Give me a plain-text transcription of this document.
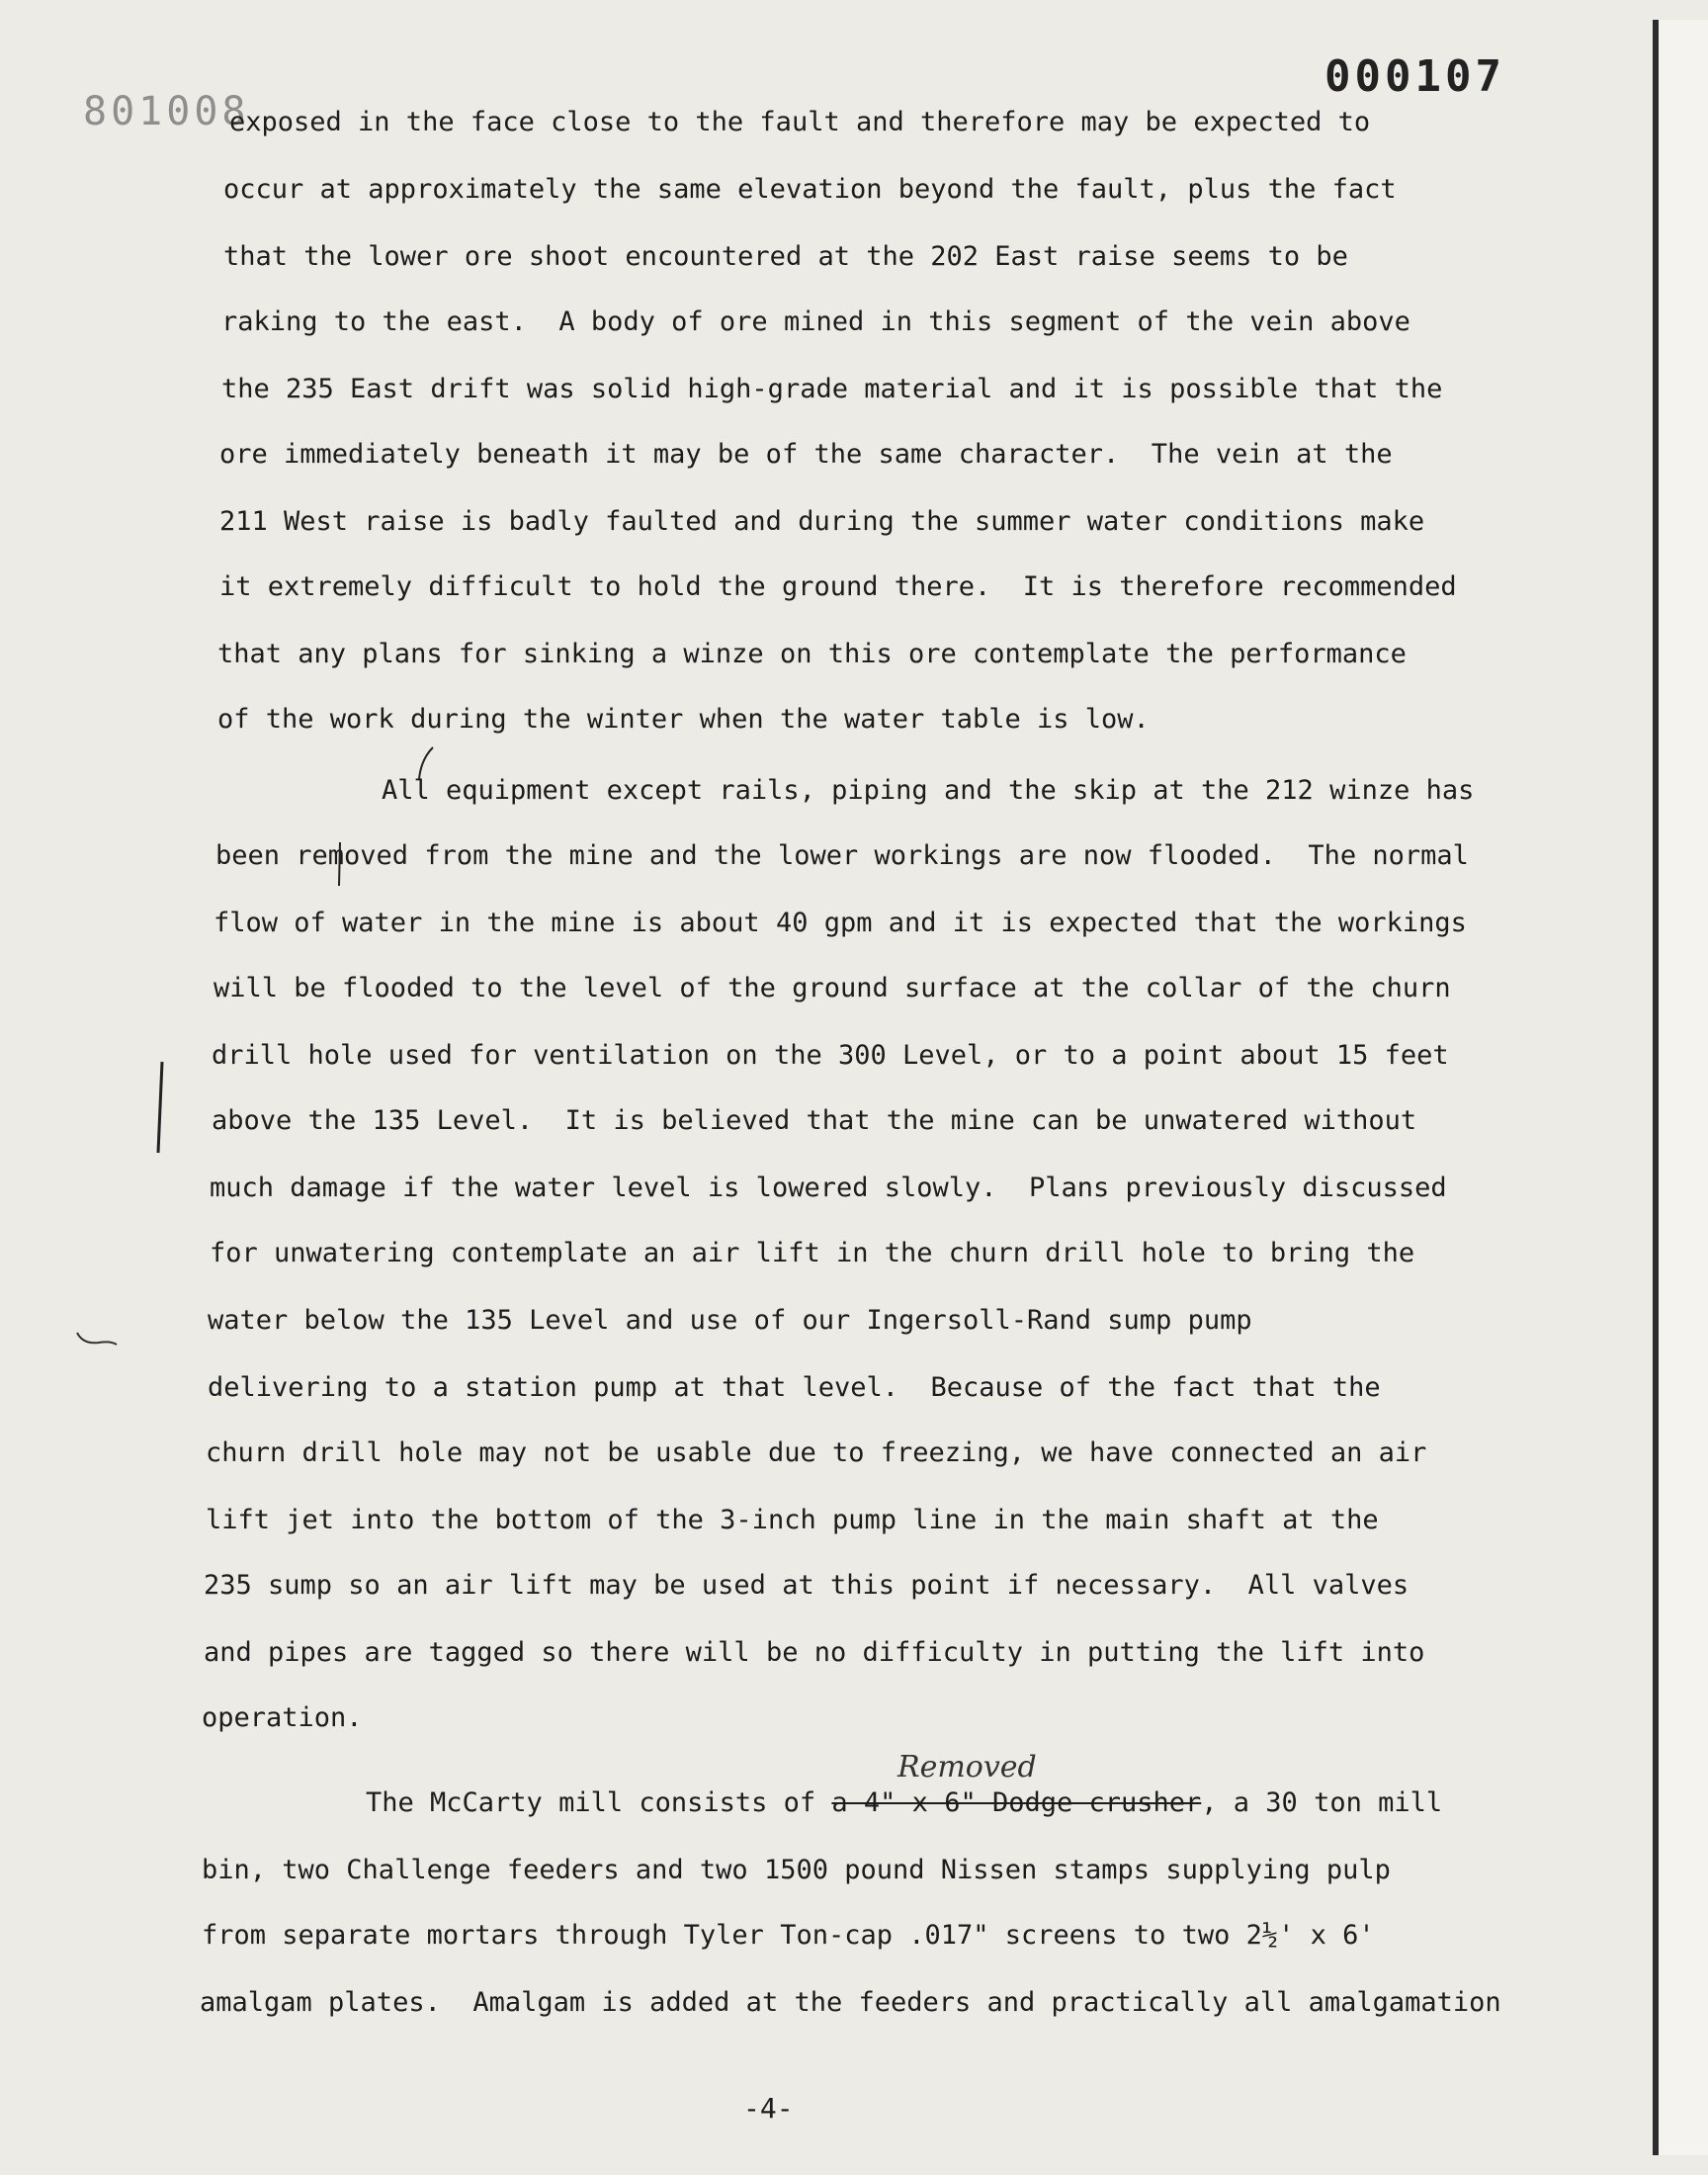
000107
801008
exposed in the face close to the fault and therefore may be expected to
occur at approximately the same elevation beyond the fault, plus the fact
that the lower ore shoot encountered at the 202 East raise seems to be
raking to the east.  A body of ore mined in this segment of the vein above
the 235 East drift was solid high-grade material and it is possible that the
ore immediately beneath it may be of the same character.  The vein at the
211 West raise is badly faulted and during the summer water conditions make
it extremely difficult to hold the ground there.  It is therefore recommended
that any plans for sinking a winze on this ore contemplate the performance
of the work during the winter when the water table is low.
All equipment except rails, piping and the skip at the 212 winze has
been removed from the mine and the lower workings are now flooded.  The normal
flow of water in the mine is about 40 gpm and it is expected that the workings
will be flooded to the level of the ground surface at the collar of the churn
drill hole used for ventilation on the 300 Level, or to a point about 15 feet
above the 135 Level.  It is believed that the mine can be unwatered without
much damage if the water level is lowered slowly.  Plans previously discussed
for unwatering contemplate an air lift in the churn drill hole to bring the
water below the 135 Level and use of our Ingersoll-Rand sump pump
delivering to a station pump at that level.  Because of the fact that the
churn drill hole may not be usable due to freezing, we have connected an air
lift jet into the bottom of the 3-inch pump line in the main shaft at the
235 sump so an air lift may be used at this point if necessary.  All valves
and pipes are tagged so there will be no difficulty in putting the lift into
operation.
Removed
The McCarty mill consists of a 4" x 6" Dodge crusher, a 30 ton mill
bin, two Challenge feeders and two 1500 pound Nissen stamps supplying pulp
from separate mortars through Tyler Ton-cap .017" screens to two 2½' x 6'
amalgam plates.  Amalgam is added at the feeders and practically all amalgamation
-4-
